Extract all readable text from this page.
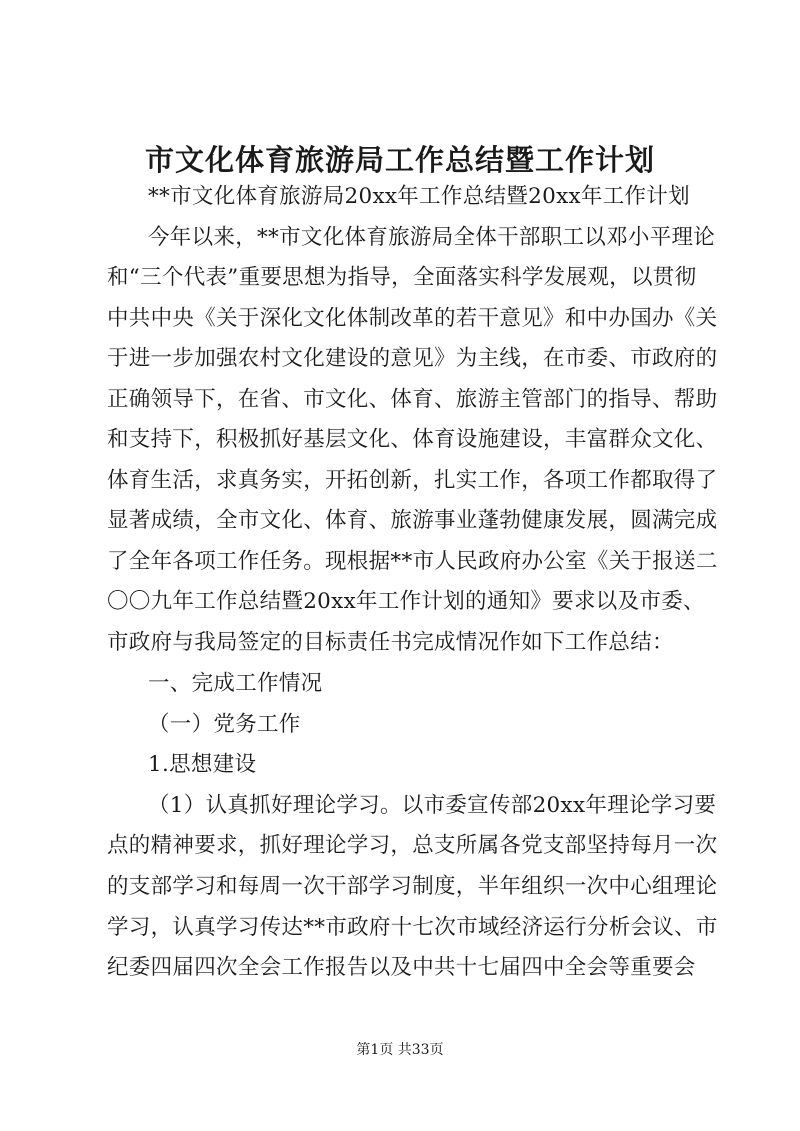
市文化体育旅游局工作总结暨工作计划
**市文化体育旅游局20xx年工作总结暨20xx年工作计划
今年以来，**市文化体育旅游局全体干部职工以邓小平理论
和“三个代表”重要思想为指导，全面落实科学发展观，以贯彻
中共中央《关于深化文化体制改革的若干意见》和中办国办《关
于进一步加强农村文化建设的意见》为主线，在市委、市政府的
正确领导下，在省、市文化、体育、旅游主管部门的指导、帮助
和支持下，积极抓好基层文化、体育设施建设，丰富群众文化、
体育生活，求真务实，开拓创新，扎实工作，各项工作都取得了
显著成绩，全市文化、体育、旅游事业蓬勃健康发展，圆满完成
了全年各项工作任务。现根据**市人民政府办公室《关于报送二
〇〇九年工作总结暨20xx年工作计划的通知》要求以及市委、
市政府与我局签定的目标责任书完成情况作如下工作总结：
一、完成工作情况
（一）党务工作
1.思想建设
（1）认真抓好理论学习。以市委宣传部20xx年理论学习要
点的精神要求，抓好理论学习，总支所属各党支部坚持每月一次
的支部学习和每周一次干部学习制度，半年组织一次中心组理论
学习，认真学习传达**市政府十七次市域经济运行分析会议、市
纪委四届四次全会工作报告以及中共十七届四中全会等重要会
第1页 共33页
